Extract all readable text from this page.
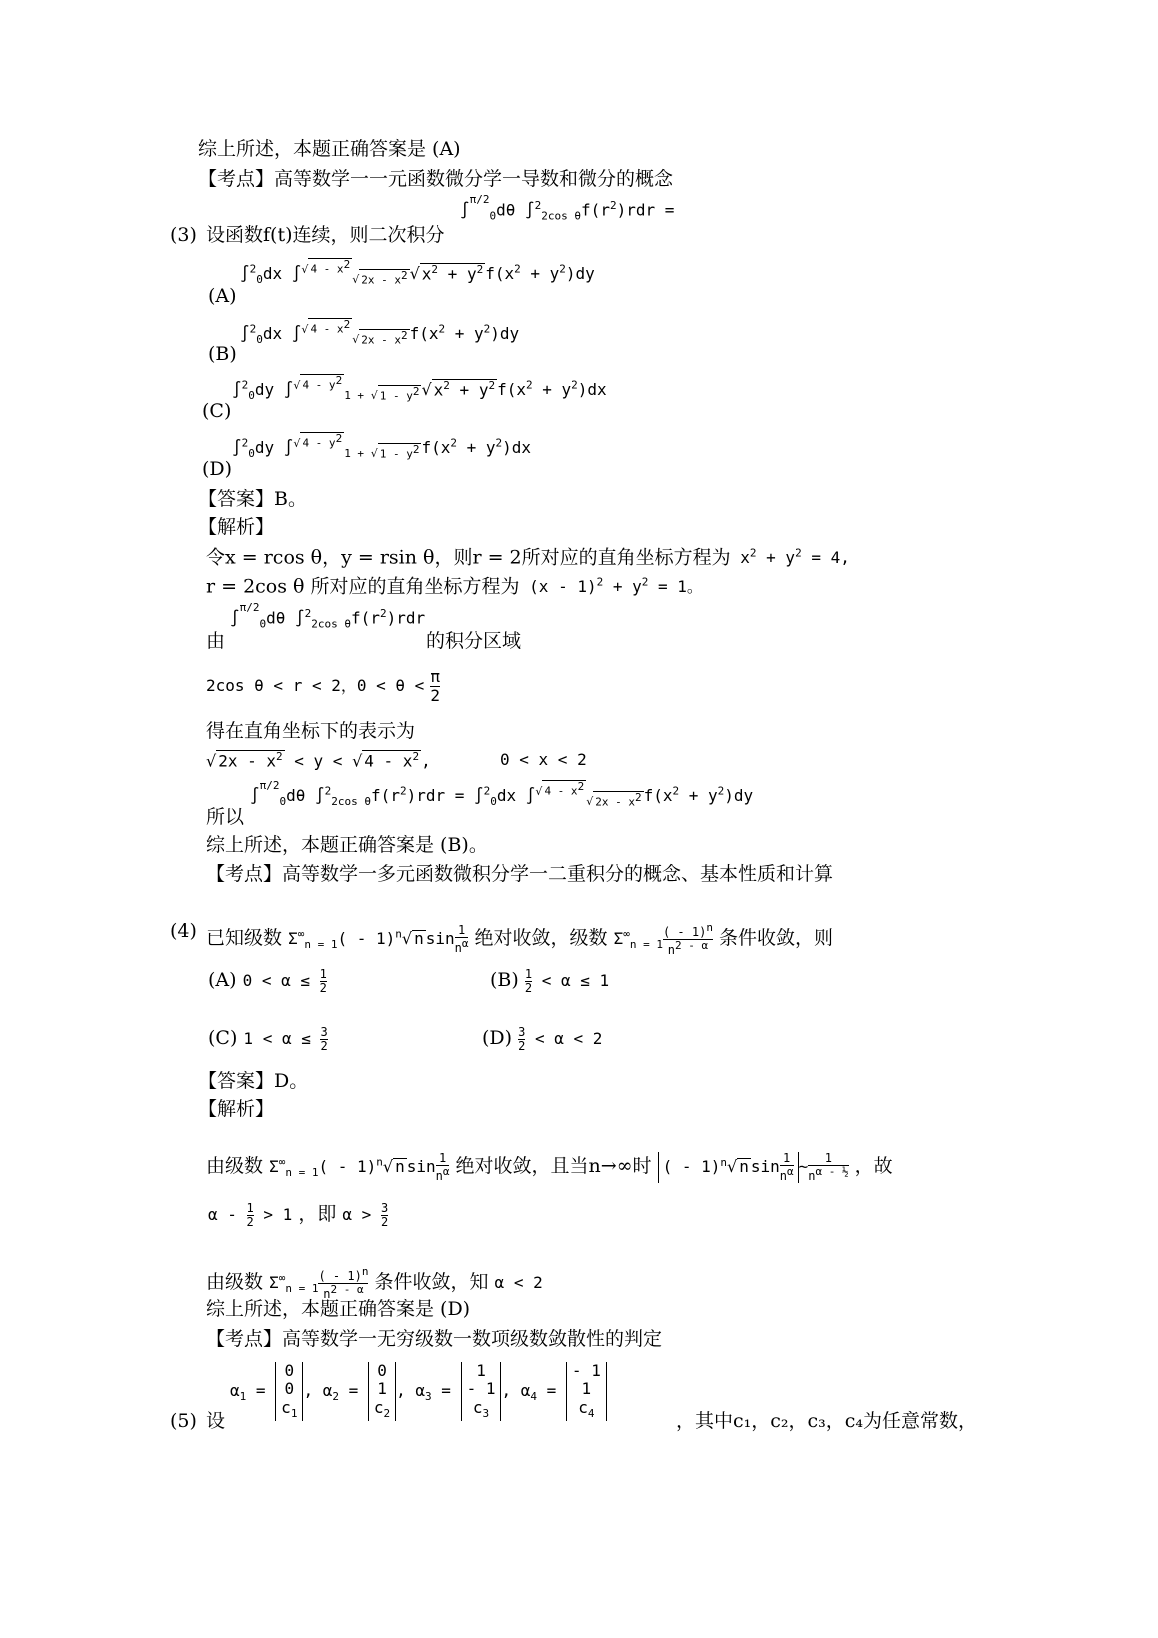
综上所述，本题正确答案是 (A)
【考点】高等数学一一元函数微分学一导数和微分的概念
(3) 设函数f(t)连续，则二次积分
∫$^{\pi/2}_0$dθ $\int^2_{2cos \theta}f(r^2)rdr$ =
(A)
∫$^2_0$dx ∫$^{√ 4 - x^2}_{√ 2x - x^2}$ √ $x^2 + y^2$ $f(x^2 + y^2)dy$
(B)
∫$^2_0$dx ∫$^{√ 4 - x^2}_{√ 2x - x^2}$ $f(x^2 + y^2)dy$
(C)
∫$^2_0$dy ∫$^{√ 4 - y^2}_{1 + √ 1 - y^2}$ √ $x^2 + y^2$ $f(x^2 + y^2)dx$
(D)
∫$^2_0$dy ∫$^{√ 4 - y^2}_{1 + √ 1 - y^2}$ $f(x^2 + y^2)dx$
【答案】B。
【解析】
令x = rcos θ，y = rsin θ，则r = 2所对应的直角坐标方程为 $x^2 + y^2 = 4$,
r = 2cos θ 所对应的直角坐标方程为 $(x - 1)^2 + y^2 = 1$。
由
∫$^{\pi/2}_0$dθ $\int^2_{2cos \theta}f(r^2)rdr$
的积分区域
2cos θ < r < 2，$0 < \theta < \frac{\pi}{2}$
得在直角坐标下的表示为
√ $2x - x^2 < y$ < √ $4 - x^2$ ,	0 < x < 2
所以
∫$^{\pi/2}_0$dθ $\int^2_{2cos \theta}f(r^2)rdr = \int^2_0dx$ ∫$^{√ 4 - x^2}_{√ 2x - x^2}$ $f(x^2 + y^2)dy$
综上所述，本题正确答案是 (B)。
【考点】高等数学一多元函数微积分学一二重积分的概念、基本性质和计算
(4) 已知级数 $\Sigma^\infty_{n = 1}( - 1)^n√$ n $\sin \frac{1}{n^\alpha}$ 绝对收敛，级数 $\Sigma^\infty_{n = 1} \frac{( - 1)^n}{n^{2 - \alpha}}$ 条件收敛，则
(A) $0 < \alpha \le \frac{1}{2}$	$(B) \frac{1}{2} < \alpha \le 1$
(C) $1 < \alpha \le \frac{3}{2}$	$(D) \frac{3}{2} < \alpha < 2$
【答案】D。
【解析】
由级数 $\Sigma^\infty_{n = 1}( - 1)^n√$ n $\sin \frac{1}{n^\alpha}$ 绝对收敛，且当n→∞时 ( - 1)$^n$√ n $\sin \frac{1}{n^\alpha}$ ~ $\frac{1}{n^{\alpha - \frac{1}{2}}}$ ，故
$\alpha - \frac{1}{2} > 1$ ，即 $\alpha > \frac{3}{2}$
由级数 $\Sigma^\infty_{n = 1} \frac{( - 1)^n}{n^{2 - \alpha}}$ 条件收敛，知 α < 2
综上所述，本题正确答案是 (D)
【考点】高等数学一无穷级数一数项级数敛散性的判定
(5) 设
$\alpha_1$ =
0
0
$c_1$
, $\alpha_2$ =
0
1
$c_2$
, $\alpha_3$ =
1
- 1
$c_3$
, $\alpha_4$ =
- 1
1
$c_4$	，其中c₁，c₂，c₃，c₄为任意常数，
